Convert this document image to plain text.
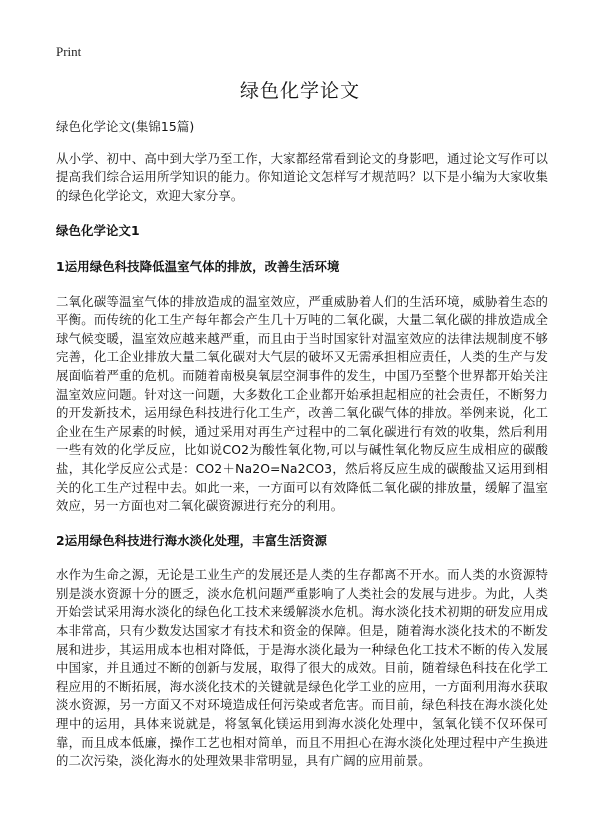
Print
绿色化学论文

绿色化学论文(集锦15篇)

从小学、初中、高中到大学乃至工作，大家都经常看到论文的身影吧，通过论文写作可以提高我们综合运用所学知识的能力。你知道论文怎样写才规范吗？以下是小编为大家收集的绿色化学论文，欢迎大家分享。

绿色化学论文1
1运用绿色科技降低温室气体的排放，改善生活环境

二氧化碳等温室气体的排放造成的温室效应，严重威胁着人们的生活环境，威胁着生态的平衡。而传统的化工生产每年都会产生几十万吨的二氧化碳，大量二氧化碳的排放造成全球气候变暖，温室效应越来越严重，而且由于当时国家针对温室效应的法律法规制度不够完善，化工企业排放大量二氧化碳对大气层的破坏又无需承担相应责任，人类的生产与发展面临着严重的危机。而随着南极臭氧层空洞事件的发生，中国乃至整个世界都开始关注温室效应问题。针对这一问题，大多数化工企业都开始承担起相应的社会责任，不断努力的开发新技术，运用绿色科技进行化工生产，改善二氧化碳气体的排放。举例来说，化工企业在生产尿素的时候，通过采用对再生产过程中的二氧化碳进行有效的收集，然后利用一些有效的化学反应，比如说CO2为酸性氧化物,可以与碱性氧化物反应生成相应的碳酸盐，其化学反应公式是：CO2＋Na2O=Na2CO3，然后将反应生成的碳酸盐又运用到相关的化工生产过程中去。如此一来，一方面可以有效降低二氧化碳的排放量，缓解了温室效应，另一方面也对二氧化碳资源进行充分的利用。

2运用绿色科技进行海水淡化处理，丰富生活资源

水作为生命之源，无论是工业生产的发展还是人类的生存都离不开水。而人类的水资源特别是淡水资源十分的匮乏，淡水危机问题严重影响了人类社会的发展与进步。为此，人类开始尝试采用海水淡化的绿色化工技术来缓解淡水危机。海水淡化技术初期的研发应用成本非常高，只有少数发达国家才有技术和资金的保障。但是，随着海水淡化技术的不断发展和进步，其运用成本也相对降低，于是海水淡化最为一种绿色化工技术不断的传入发展中国家，并且通过不断的创新与发展，取得了很大的成效。目前，随着绿色科技在化学工程应用的不断拓展，海水淡化技术的关键就是绿色化学工业的应用，一方面利用海水获取淡水资源，另一方面又不对环境造成任何污染或者危害。而目前，绿色科技在海水淡化处理中的运用，具体来说就是，将氢氧化镁运用到海水淡化处理中，氢氧化镁不仅环保可靠，而且成本低廉，操作工艺也相对简单，而且不用担心在海水淡化处理过程中产生换进的二次污染，淡化海水的处理效果非常明显，具有广阔的应用前景。
